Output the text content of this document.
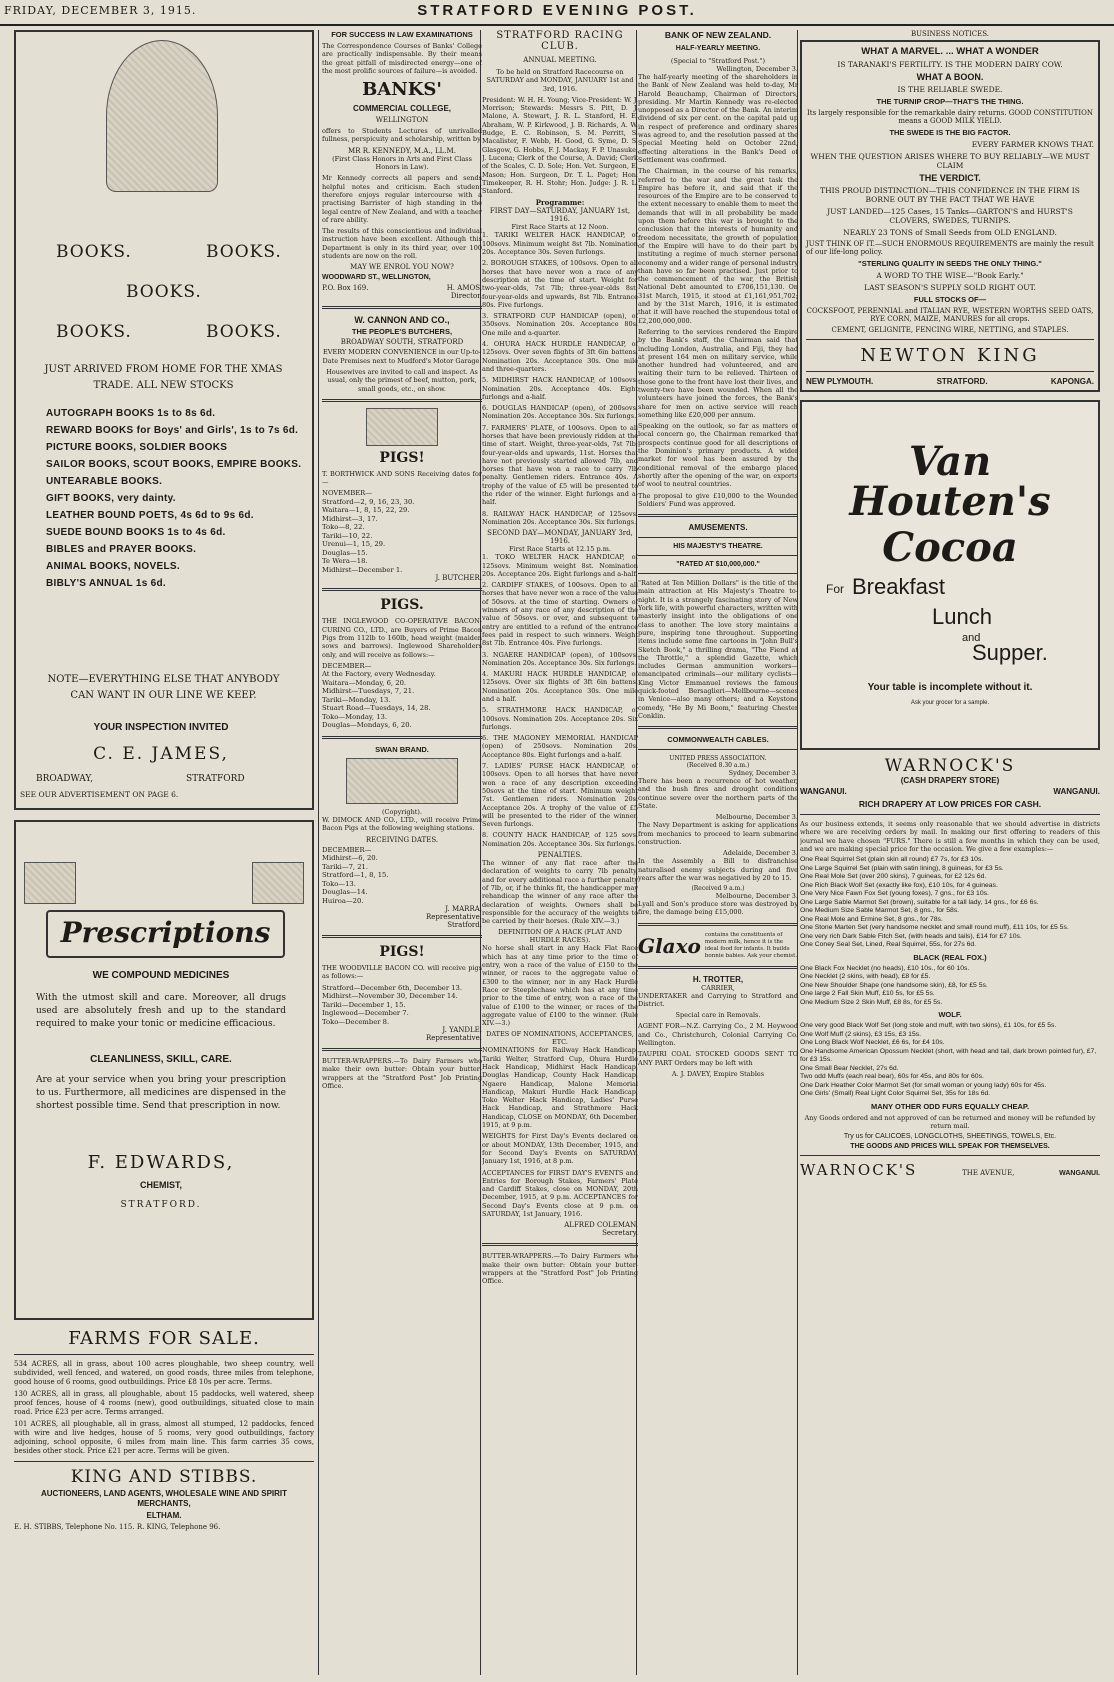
FRIDAY, DECEMBER 3, 1915.	STRATFORD EVENING POST.
BOOKS.	BOOKS.
BOOKS.
BOOKS.	BOOKS.
JUST ARRIVED FROM HOME FOR THE XMAS TRADE. ALL NEW STOCKS
AUTOGRAPH BOOKS 1s to 8s 6d.
REWARD BOOKS for Boys' and Girls', 1s to 7s 6d.
PICTURE BOOKS, SOLDIER BOOKS
SAILOR BOOKS, SCOUT BOOKS, EMPIRE BOOKS.
UNTEARABLE BOOKS.
GIFT BOOKS, very dainty.
LEATHER BOUND POETS, 4s 6d to 9s 6d.
SUEDE BOUND BOOKS 1s to 4s 6d.
BIBLES and PRAYER BOOKS.
ANIMAL BOOKS, NOVELS.
BIBLY'S ANNUAL 1s 6d.
NOTE—EVERYTHING ELSE THAT ANYBODY CAN WANT IN OUR LINE WE KEEP.
YOUR INSPECTION INVITED
C. E. JAMES,
BROADWAY,	STRATFORD
SEE OUR ADVERTISEMENT ON PAGE 6.
Prescriptions
WE COMPOUND MEDICINES
With the utmost skill and care. Moreover, all drugs used are absolutely fresh and up to the standard required to make your tonic or medicine efficacious.
CLEANLINESS, SKILL, CARE.
Are at your service when you bring your prescription to us. Furthermore, all medicines are dispensed in the shortest possible time. Send that prescription in now.
F. EDWARDS,
CHEMIST,
STRATFORD.
FARMS FOR SALE.

534 ACRES, all in grass, about 100 acres ploughable, two sheep country, well subdivided, well fenced, and watered, on good roads, three miles from telephone, good house of 6 rooms, good outbuildings. Price £8 10s per acre. Terms.

130 ACRES, all in grass, all ploughable, about 15 paddocks, well watered, sheep proof fences, house of 4 rooms (new), good outbuildings, situated close to main road. Price £23 per acre. Terms arranged.

101 ACRES, all ploughable, all in grass, almost all stumped, 12 paddocks, fenced with wire and live hedges, house of 5 rooms, very good outbuildings, factory adjoining, school opposite, 6 miles from main line. This farm carries 35 cows, besides other stock. Price £21 per acre. Terms will be given.

KING AND STIBBS.
AUCTIONEERS, LAND AGENTS, WHOLESALE WINE AND SPIRIT MERCHANTS,
ELTHAM.
E. H. STIBBS, Telephone No. 115. R. KING, Telephone 96.
FOR SUCCESS IN LAW EXAMINATIONS

The Correspondence Courses of Banks' College are practically indispensable. By their means the great pitfall of misdirected energy—one of the most prolific sources of failure—is avoided.

BANKS'
COMMERCIAL COLLEGE,
WELLINGTON

offers to Students Lectures of unrivalled fullness, perspicuity and scholarship, written by

MR R. KENNEDY, M.A., LL.M.

(First Class Honors in Arts and First Class Honors in Law).

Mr Kennedy corrects all papers and sends helpful notes and criticism. Each student therefore enjoys regular intercourse with a practising Barrister of high standing in the legal centre of New Zealand, and with a teacher of rare ability.

The results of this conscientious and individual instruction have been excellent. Although this Department is only in its third year, over 100 students are now on the roll.

MAY WE ENROL YOU NOW?
WOODWARD ST., WELLINGTON,
P.O. Box 169.	H. AMOS,
Director.
W. CANNON AND CO.,
THE PEOPLE'S BUTCHERS,
BROADWAY SOUTH, STRATFORD

EVERY MODERN CONVENIENCE in our Up-to-Date Premises next to Mudford's Motor Garage.

Housewives are invited to call and inspect. As usual, only the primest of beef, mutton, pork, small goods, etc., on show.

PIGS!

T. BORTHWICK AND SONS Receiving dates for—

NOVEMBER—
Stratford—2, 9, 16, 23, 30.
Waitara—1, 8, 15, 22, 29.
Midhirst—3, 17.
Toko—8, 22.
Tariki—10, 22.
Urenui—1, 15, 29.
Douglas—15.
Te Wera—18.
Midhirst—December 1.
J. BUTCHER.
PIGS.

THE INGLEWOOD CO-OPERATIVE BACON-CURING CO., LTD., are Buyers of Prime Bacon Pigs from 112lb to 160lb, head weight (maiden sows and barrows). Inglewood Shareholders only, and will receive as follows:—

DECEMBER—
At the Factory, every Wednesday.
Waitara—Monday, 6, 20.
Midhirst—Tuesdays, 7, 21.
Tariki—Monday, 13.
Stuart Road—Tuesdays, 14, 28.
Toko—Monday, 13.
Douglas—Mondays, 6, 20.
SWAN BRAND.
(Copyright).

W. DIMOCK AND CO., LTD., will receive Prime Bacon Pigs at the following weighing stations.

RECEIVING DATES.
DECEMBER—
Midhirst—6, 20.
Tariki—7, 21.
Stratford—1, 8, 15.
Toko—13.
Douglas—14.
Huiroa—20.
J. MARRA,
Representative,
Stratford.
PIGS!

THE WOODVILLE BACON CO. will receive pigs as follows:—

Stratford—December 6th, December 13.
Midhirst—November 30, December 14.
Tariki—December 1, 15.
Inglewood—December 7.
Toko—December 8.
J. YANDLE,
Representative.

BUTTER-WRAPPERS.—To Dairy Farmers who make their own butter: Obtain your butter-wrappers at the "Stratford Post" Job Printing Office.

STRATFORD RACING CLUB.
ANNUAL MEETING.

To be held on Stratford Racecourse on SATURDAY and MONDAY, JANUARY 1st and 3rd, 1916.

President: W. H. H. Young; Vice-President: W. J. Morrison; Stewards: Messrs S. Pitt, D. J. Malone, A. Stewart, J. R. L. Stanford, H. E. Abraham, W. P. Kirkwood, J. B. Richards, A. W. Budge, E. C. Robinson, S. M. Perritt, S. Macalister, F. Webb, H. Good, G. Syme, D. S. Glasgow, G. Hobbs, F. J. Mackay, F. P. Unasuke, J. Lucena; Clerk of the Course, A. David; Clerk of the Scales, C. D. Sole; Hon. Vet. Surgeon, E. Mason; Hon. Surgeon, Dr. T. L. Paget; Hon. Timekeeper, R. H. Stohr; Hon. Judge: J. R. L. Stanford.

Programme:
FIRST DAY—SATURDAY, JANUARY 1st, 1916.
First Race Starts at 12 Noon.

1. TARIKI WELTER HACK HANDICAP, of 100sovs. Minimum weight 8st 7lb. Nomination 20s. Acceptance 30s. Seven furlongs.

2. BOROUGH STAKES, of 100sovs. Open to all horses that have never won a race of any description at the time of start. Weight for two-year-olds, 7st 7lb; three-year-olds 8st; four-year-olds and upwards, 8st 7lb. Entrance 80s. Five furlongs.

3. STRATFORD CUP HANDICAP (open), of 350sovs. Nomination 20s. Acceptance 80s. One mile and a-quarter.

4. OHURA HACK HURDLE HANDICAP, of 125sovs. Over seven flights of 3ft 6in battens. Nomination 20s. Acceptance 30s. One mile and three-quarters.

5. MIDHIRST HACK HANDICAP, of 100sovs. Nomination 20s. Acceptance 40s. Eight furlongs and a-half.

6. DOUGLAS HANDICAP (open), of 200sovs. Nomination 20s. Acceptance 30s. Six furlongs.

7. FARMERS' PLATE, of 100sovs. Open to all horses that have been previously ridden at the time of start. Weight, three-year-olds, 7st 7lb; four-year-olds and upwards, 11st. Horses that have not previously started allowed 7lb, and horses that have won a race to carry 7lb penalty. Gentlemen riders. Entrance 40s. A trophy of the value of £5 will be presented to the rider of the winner. Eight furlongs and a-half.

8. RAILWAY HACK HANDICAP, of 125sovs. Nomination 20s. Acceptance 30s. Six furlongs.

SECOND DAY—MONDAY, JANUARY 3rd, 1916.
First Race Starts at 12.15 p.m.

1. TOKO WELTER HACK HANDICAP, of 125sovs. Minimum weight 8st. Nomination 20s. Acceptance 20s. Eight furlongs and a-half.

2. CARDIFF STAKES, of 100sovs. Open to all horses that have never won a race of the value of 50sovs. at the time of starting. Owners of winners of any race of any description of the value of 50sovs. or over, and subsequent to entry are entitled to a refund of the entrance fees paid in respect to such winners. Weight 8st 7lb. Entrance 40s. Five furlongs.

3. NGAERE HANDICAP (open), of 100sovs. Nomination 20s. Acceptance 30s. Six furlongs.

4. MAKURI HACK HURDLE HANDICAP, of 125sovs. Over six flights of 3ft 6in battens. Nomination 20s. Acceptance 30s. One mile and a half.

5. STRATHMORE HACK HANDICAP, of 100sovs. Nomination 20s. Acceptance 20s. Six furlongs.

6. THE MAGONEY MEMORIAL HANDICAP (open) of 250sovs. Nomination 20s. Acceptance 80s. Eight furlongs and a-half.

7. LADIES' PURSE HACK HANDICAP, of 100sovs. Open to all horses that have never won a race of any description exceeding 50sovs at the time of start. Minimum weight 7st. Gentlemen riders. Nomination 20s. Acceptance 20s. A trophy of the value of £5 will be presented to the rider of the winner. Seven furlongs.

8. COUNTY HACK HANDICAP, of 125 sovs. Nomination 20s. Acceptance 30s. Six furlongs.

PENALTIES.

The winner of any flat race after the declaration of weights to carry 7lb penalty, and for every additional race a further penalty of 7lb, or, if he thinks fit, the handicapper may rehandicap the winner of any race after the declaration of weights. Owners shall be responsible for the accuracy of the weights to be carried by their horses. (Rule XIV.—3.)

DEFINITION OF A HACK (FLAT AND HURDLE RACES).

No horse shall start in any Hack Flat Race which has at any time prior to the time of entry, won a race of the value of £150 to the winner, or races to the aggregate value of £300 to the winner, nor in any Hack Hurdle Race or Steeplechase which has at any time prior to the time of entry, won a race of the value of £100 to the winner, or races of the aggregate value of £100 to the winner. (Rule XIV.—3.)

DATES OF NOMINATIONS, ACCEPTANCES, ETC.

NOMINATIONS for Railway Hack Handicap, Tariki Welter, Stratford Cup, Ohura Hurdle Hack Handicap, Midhirst Hack Handicap, Douglas Handicap, County Hack Handicap, Ngaere Handicap, Malone Memorial Handicap, Makuri Hurdle Hack Handicap, Toko Welter Hack Handicap, Ladies' Purse Hack Handicap, and Strathmore Hack Handicap, CLOSE on MONDAY, 6th December, 1915, at 9 p.m.

WEIGHTS for First Day's Events declared on or about MONDAY, 13th December, 1915, and for Second Day's Events on SATURDAY, January 1st, 1916, at 8 p.m.

ACCEPTANCES for FIRST DAY'S EVENTS and Entries for Borough Stakes, Farmers' Plate and Cardiff Stakes, close on MONDAY, 20th December, 1915, at 9 p.m. ACCEPTANCES for Second Day's Events close at 9 p.m. on SATURDAY, 1st January, 1916.

ALFRED COLEMAN,
Secretary.

BUTTER-WRAPPERS.—To Dairy Farmers who make their own butter: Obtain your butter-wrappers at the "Stratford Post" Job Printing Office.

BANK OF NEW ZEALAND.
HALF-YEARLY MEETING.
(Special to "Stratford Post.")
Wellington, December 3.

The half-yearly meeting of the shareholders in the Bank of New Zealand was held to-day, Mr Harold Beauchamp, Chairman of Directors, presiding. Mr Martin Kennedy was re-elected unopposed as a Director of the Bank. An interim dividend of six per cent. on the capital paid up in respect of preference and ordinary shares was agreed to, and the resolution passed at the Special Meeting held on October 22nd, effecting alterations in the Bank's Deed of Settlement was confirmed.

The Chairman, in the course of his remarks, referred to the war and the great task the Empire has before it, and said that if the resources of the Empire are to be conserved to the extent necessary to enable them to meet the demands that will in all probability be made upon them before this war is brought to the conclusion that the interests of humanity and freedom necessitate, the growth of population of the Empire will have to do their part by instituting a regime of much sterner personal economy and a wider range of personal industry than have so far been practised. Just prior to the commencement of the war, the British National Debt amounted to £706,151,130. On 31st March, 1915, it stood at £1,161,951,702; and by the 31st March, 1916, it is estimated that it will have reached the stupendous total of £2,200,000,000.

Referring to the services rendered the Empire by the Bank's staff, the Chairman said that including London, Australia, and Fiji, they had at present 164 men on military service, while another hundred had volunteered, and are waiting their turn to be relieved. Thirteen of those gone to the front have lost their lives, and twenty-two have been wounded. When all the volunteers have joined the forces, the Bank's share for men on active service will reach something like £20,000 per annum.

Speaking on the outlook, so far as matters of local concern go, the Chairman remarked that prospects continue good for all descriptions of the Dominion's primary products. A wider market for wool has been assured by the conditional removal of the embargo placed shortly after the opening of the war, on exports of wool to neutral countries.

The proposal to give £10,000 to the Wounded Soldiers' Fund was approved.

AMUSEMENTS.
HIS MAJESTY'S THEATRE.
"RATED AT $10,000,000."

"Rated at Ten Million Dollars" is the title of the main attraction at His Majesty's Theatre to-night. It is a strangely fascinating story of New York life, with powerful characters, written with masterly insight into the obligations of one class to another. The love story maintains a pure, inspiring tone throughout. Supporting items include some fine cartoons in "John Bull's Sketch Book," a thrilling drama, "The Fiend at the Throttle," a splendid Gazette, which includes German ammunition workers—emancipated criminals—our military cyclists—King Victor Emmanuel reviews the famous quick-footed Bersaglieri—Mellbourne—scenes in Venice—also many others; and a Keystone comedy, "He By Mi Boom," featuring Chester Conklin.

COMMONWEALTH CABLES.
UNITED PRESS ASSOCIATION.
(Received 8.30 a.m.)
Sydney, December 3.

There has been a recurrence of hot weather, and the bush fires and drought conditions continue severe over the northern parts of the State.

Melbourne, December 3.

The Navy Department is asking for applications from mechanics to proceed to learn submarine construction.

Adelaide, December 3.

In the Assembly a Bill to disfranchise naturalised enemy subjects during and five years after the war was negatived by 20 to 15.

(Received 9 a.m.)
Melbourne, December 3.

Lyall and Son's produce store was destroyed by fire, the damage being £15,000.

Glaxo contains the constituents of modern milk, hence it is the ideal food for infants. It builds bonnie babies. Ask your chemist.
H. TROTTER,
CARRIER,

UNDERTAKER and Carrying to Stratford and District.

Special care in Removals.

AGENT FOR—N.Z. Carrying Co., 2 M. Heywood and Co., Christchurch, Colonial Carrying Co. Wellington.

TAUPIRI COAL STOCKED GOODS SENT TO ANY PART Orders may be left with

A. J. DAVEY, Empire Stables
BUSINESS NOTICES.
WHAT A MARVEL. ... WHAT A WONDER
IS TARANAKI'S FERTILITY. IS THE MODERN DAIRY COW.
WHAT A BOON.
IS THE RELIABLE SWEDE.
THE TURNIP CROP—THAT'S THE THING.
Its largely responsible for the remarkable dairy returns. GOOD CONSTITUTION means a GOOD MILK YIELD.
THE SWEDE IS THE BIG FACTOR.
EVERY FARMER KNOWS THAT.
WHEN THE QUESTION ARISES WHERE TO BUY RELIABLY—WE MUST CLAIM
THE VERDICT.
THIS PROUD DISTINCTION—THIS CONFIDENCE IN THE FIRM IS BORNE OUT BY THE FACT THAT WE HAVE
JUST LANDED—125 Cases, 15 Tanks—GARTON'S and HURST'S CLOVERS, SWEDES, TURNIPS.
NEARLY 23 TONS of Small Seeds from OLD ENGLAND.
JUST THINK OF IT.—SUCH ENORMOUS REQUIREMENTS are mainly the result of our life-long policy.
"STERLING QUALITY IN SEEDS THE ONLY THING."
A WORD TO THE WISE—"Book Early."
LAST SEASON'S SUPPLY SOLD RIGHT OUT.
FULL STOCKS OF—
COCKSFOOT, PERENNIAL and ITALIAN RYE, WESTERN WORTHS SEED OATS, RYE CORN, MAIZE, MANURES for all crops.
CEMENT, GELIGNITE, FENCING WIRE, NETTING, and STAPLES.
NEWTON KING
NEW PLYMOUTH.	STRATFORD.	KAPONGA.
Van
Houten's
Cocoa
For Breakfast
Lunch
and
Supper.
Your table is incomplete without it.
Ask your grocer for a sample.
WARNOCK'S
(CASH DRAPERY STORE)
WANGANUI.	WANGANUI.
RICH DRAPERY AT LOW PRICES FOR CASH.

As our business extends, it seems only reasonable that we should advertise in districts where we are receiving orders by mail. In making our first offering to readers of this journal we have chosen "FURS." There is still a few months in which they can be used, and we are making special price for the occasion. We give a few examples:—

One Real Squirrel Set (plain skin all round) £7 7s, for £3 10s.
One Large Squirrel Set (plain with satin lining), 8 guineas, for £3 5s.
One Real Mole Set (over 200 skins), 7 guineas, for £2 12s 6d.
One Rich Black Wolf Set (exactly like fox), £10 10s, for 4 guineas.
One Very Nice Fawn Fox Set (young foxes), 7 gns., for £3 10s.
One Large Sable Marmot Set (brown), suitable for a tall lady, 14 gns., for £6 6s.
One Medium Size Sable Marmot Set, 8 gns., for 58s.
One Real Mole and Ermine Set, 8 gns., for 78s.
One Stone Marten Set (very handsome necklet and small round muff), £11 10s, for £5 5s.
One very rich Dark Sable Fitch Set, (with heads and tails), £14 for £7 10s.
One Coney Seal Set, Lined, Real Squirrel, 55s, for 27s 6d.
BLACK (REAL FOX.)
One Black Fox Necklet (no heads), £10 10s., for 60 10s.
One Necklet (2 skins, with head), £8 for £5.
One New Shoulder Shape (one handsome skin), £8, for £5 5s.
One large 2 Fall Skin Muff, £10 5s, for £5 5s.
One Medium Size 2 Skin Muff, £8 8s, for £5 5s.
WOLF.
One very good Black Wolf Set (long stole and muff, with two skins), £1 10s, for £5 5s.
One Wolf Muff (2 skins), £3 15s, £3 15s.
One Long Black Wolf Necklet, £6 6s, for £4 10s.
One Handsome American Opossum Necklet (short, with head and tail, dark brown pointed fur), £7, for £3 15s.
One Small Bear Necklet, 27s 6d.
Two odd Muffs (each real bear), 60s for 45s, and 80s for 60s.
One Dark Heather Color Marmot Set (for small woman or young lady) 60s for 45s.
One Girls' (Small) Real Light Color Squirrel Set, 35s for 18s 6d.
MANY OTHER ODD FURS EQUALLY CHEAP.

Any Goods ordered and not approved of can be returned and money will be refunded by return mail.

Try us for CALICOES, LONGCLOTHS, SHEETINGS, TOWELS, Etc.
THE GOODS AND PRICES WILL SPEAK FOR THEMSELVES.
WARNOCK'S	THE AVENUE,	WANGANUI.
